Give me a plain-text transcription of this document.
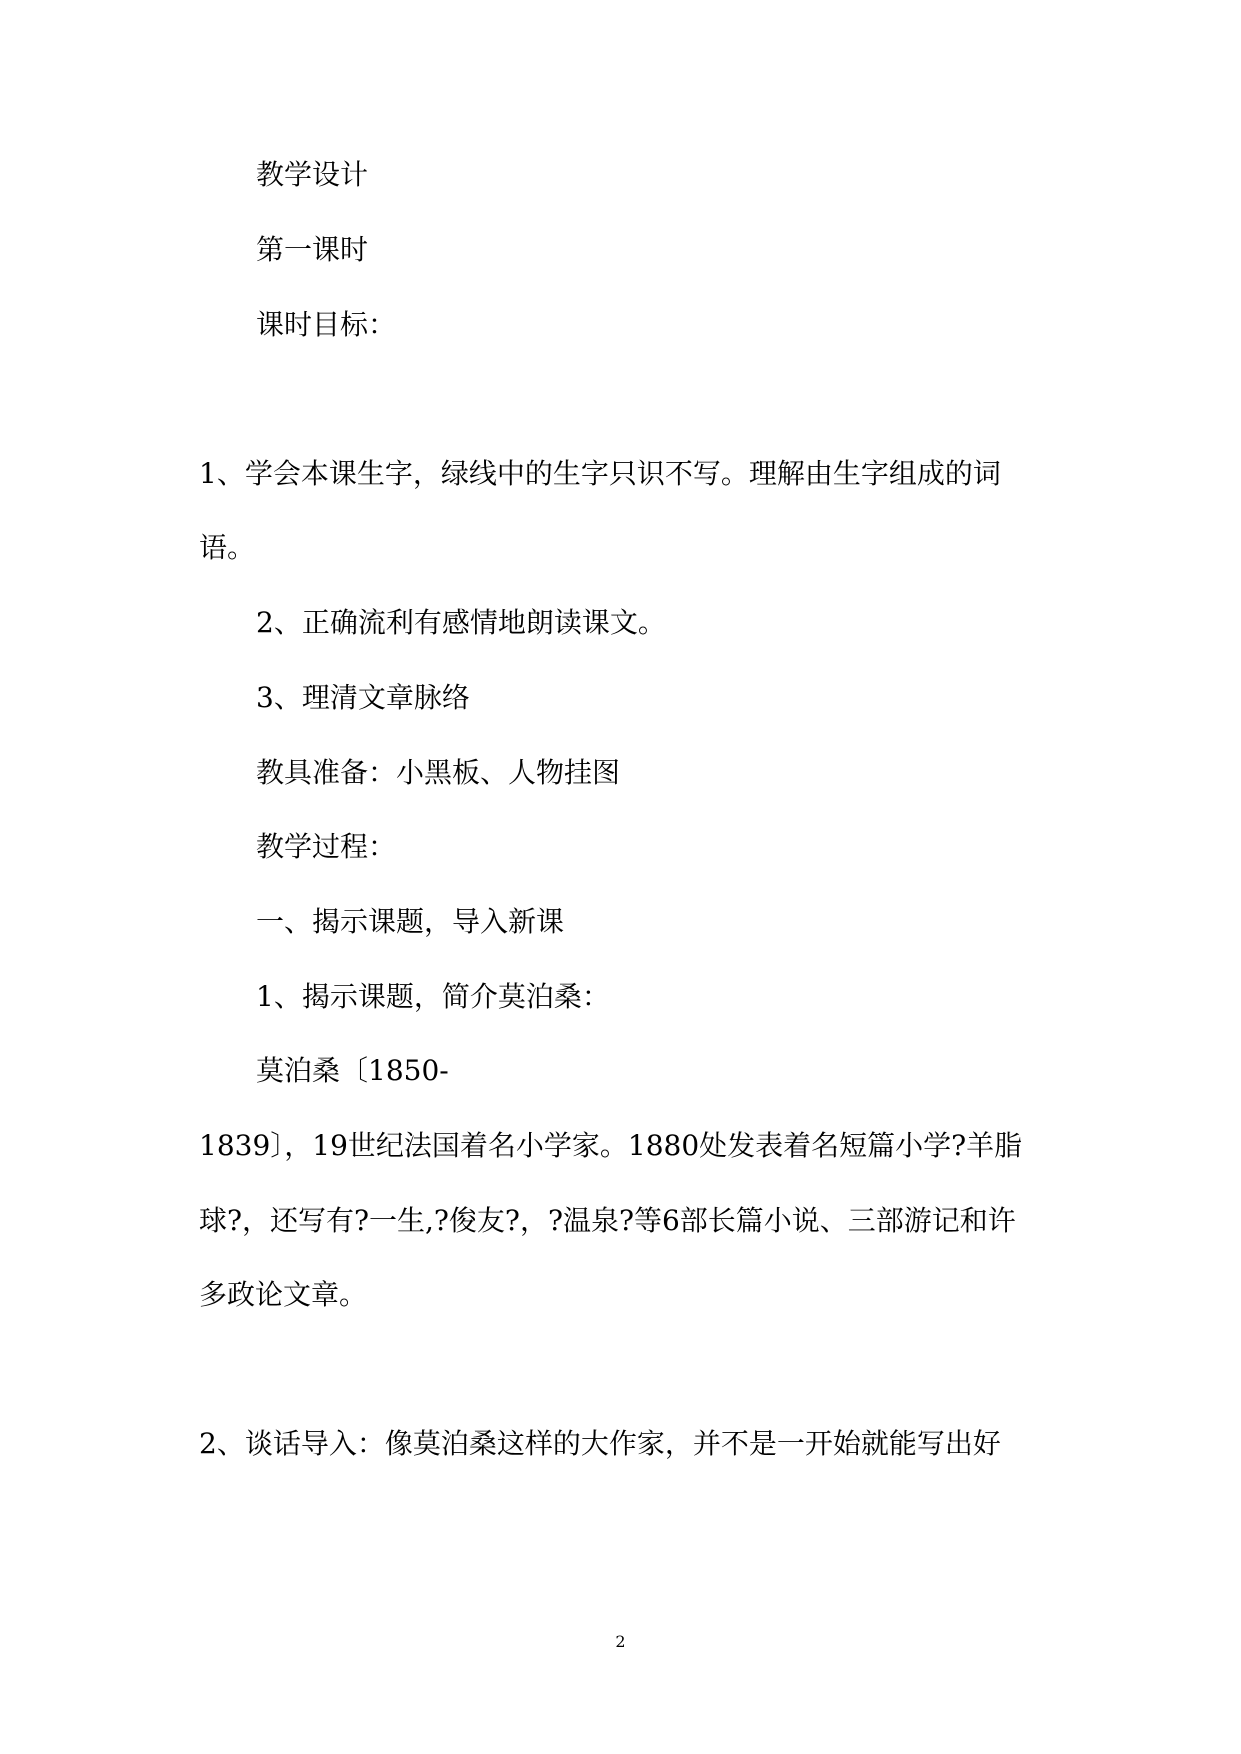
教学设计
第一课时
课时目标：
1、学会本课生字，绿线中的生字只识不写。理解由生字组成的词
语。
2、正确流利有感情地朗读课文。
3、理清文章脉络
教具准备：小黑板、人物挂图
教学过程：
一、揭示课题，导入新课
1、揭示课题，简介莫泊桑：
莫泊桑〔1850-
1839〕，19世纪法国着名小学家。1880处发表着名短篇小学?羊脂
球?，还写有?一生,?俊友?，?温泉?等6部长篇小说、三部游记和许
多政论文章。
2、谈话导入：像莫泊桑这样的大作家，并不是一开始就能写出好
2
